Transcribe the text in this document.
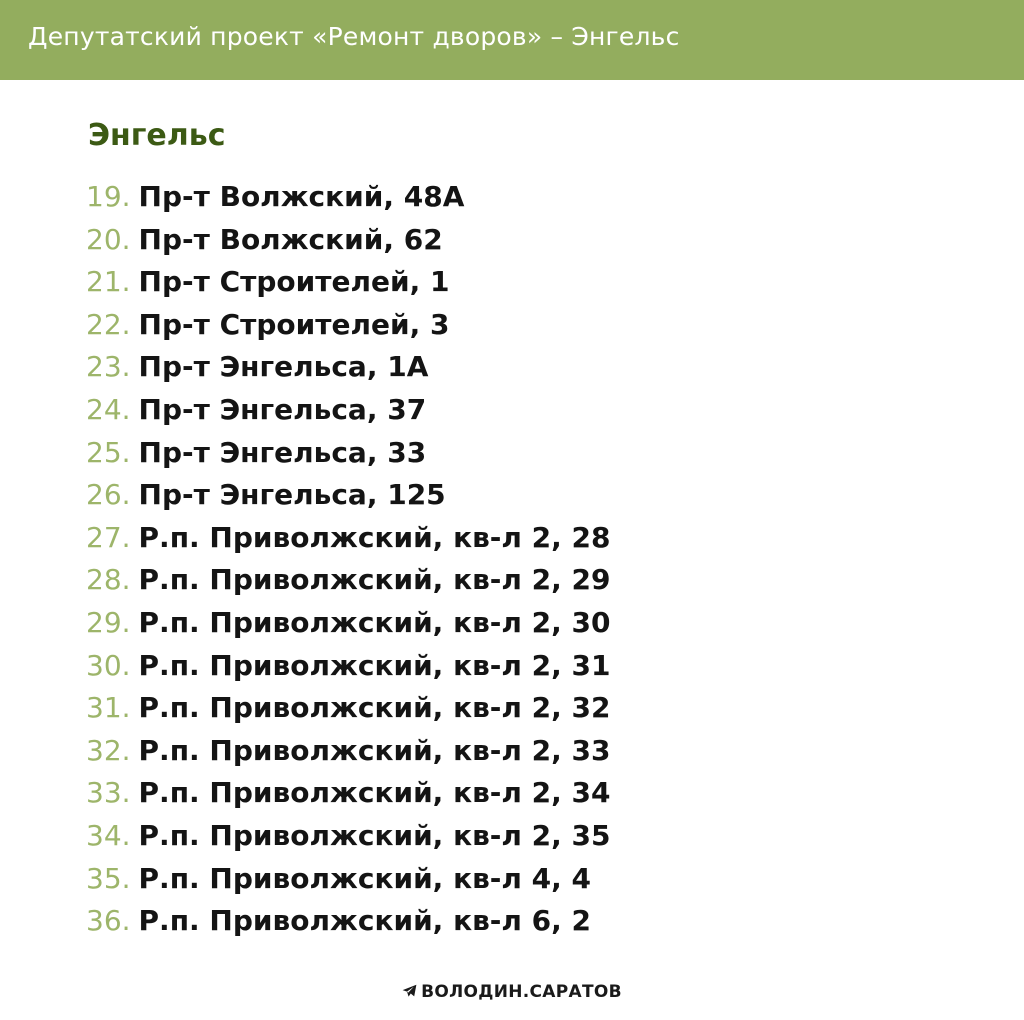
Депутатский проект «Ремонт дворов» – Энгельс
Энгельс
19. Пр-т Волжский, 48А
20. Пр-т Волжский, 62
21. Пр-т Строителей, 1
22. Пр-т Строителей, 3
23. Пр-т Энгельса, 1А
24. Пр-т Энгельса, 37
25. Пр-т Энгельса, 33
26. Пр-т Энгельса, 125
27. Р.п. Приволжский, кв-л 2, 28
28. Р.п. Приволжский, кв-л 2, 29
29. Р.п. Приволжский, кв-л 2, 30
30. Р.п. Приволжский, кв-л 2, 31
31. Р.п. Приволжский, кв-л 2, 32
32. Р.п. Приволжский, кв-л 2, 33
33. Р.п. Приволжский, кв-л 2, 34
34. Р.п. Приволжский, кв-л 2, 35
35. Р.п. Приволжский, кв-л 4, 4
36. Р.п. Приволжский, кв-л 6, 2
ВОЛОДИН.САРАТОВ
